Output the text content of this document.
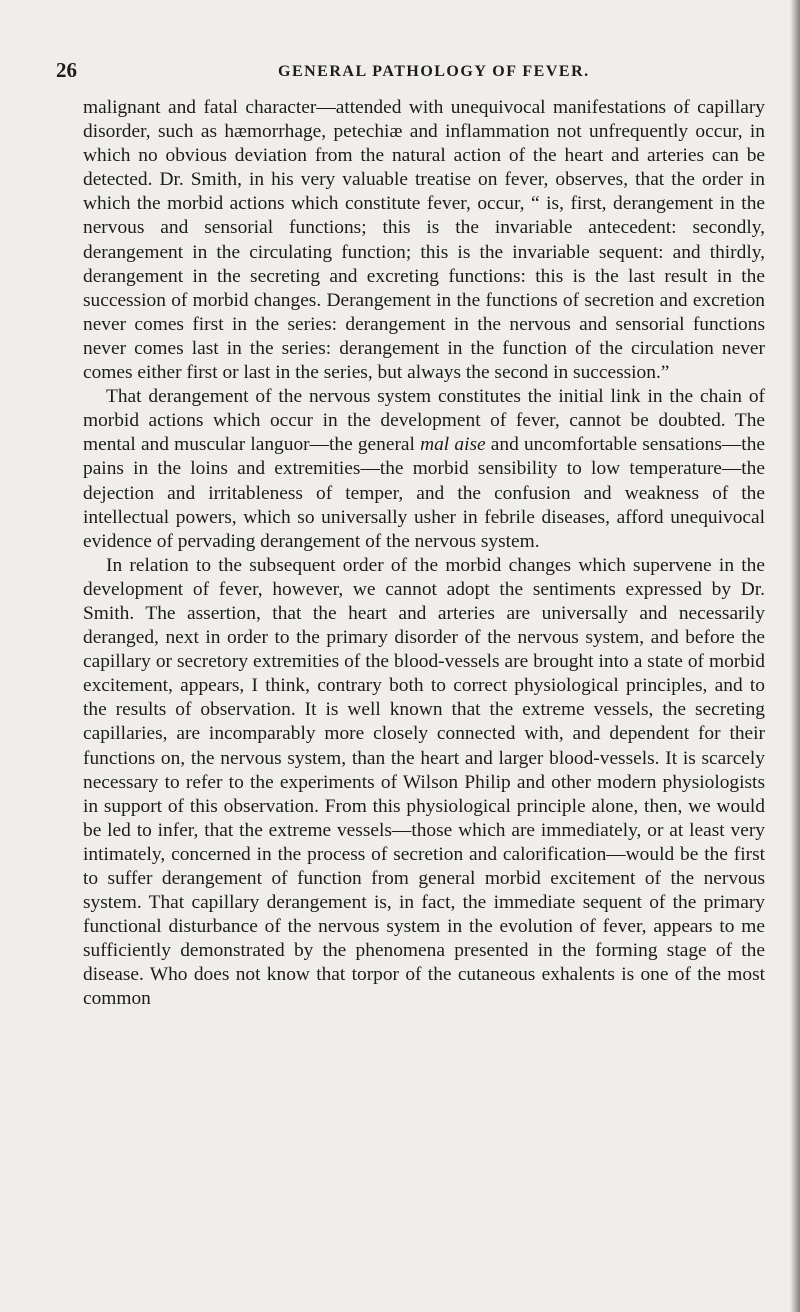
26	GENERAL PATHOLOGY OF FEVER.

malignant and fatal character—attended with unequivocal manifestations of capillary disorder, such as hæmorrhage, petechiæ and inflammation not unfrequently occur, in which no obvious deviation from the natural action of the heart and arteries can be detected. Dr. Smith, in his very valuable treatise on fever, observes, that the order in which the morbid actions which constitute fever, occur, “ is, first, derangement in the nervous and sensorial functions; this is the invariable antecedent: secondly, derangement in the circulating function; this is the invariable sequent: and thirdly, derangement in the secreting and excreting functions: this is the last result in the succession of morbid changes. Derangement in the functions of secretion and excretion never comes first in the series: derangement in the nervous and sensorial functions never comes last in the series: derangement in the function of the circulation never comes either first or last in the series, but always the second in succession.”

That derangement of the nervous system constitutes the initial link in the chain of morbid actions which occur in the development of fever, cannot be doubted. The mental and muscular languor—the general mal aise and uncomfortable sensations—the pains in the loins and extremities—the morbid sensibility to low temperature—the dejection and irritableness of temper, and the confusion and weakness of the intellectual powers, which so universally usher in febrile diseases, afford unequivocal evidence of pervading derangement of the nervous system.

In relation to the subsequent order of the morbid changes which supervene in the development of fever, however, we cannot adopt the sentiments expressed by Dr. Smith. The assertion, that the heart and arteries are universally and necessarily deranged, next in order to the primary disorder of the nervous system, and before the capillary or secretory extremities of the blood-vessels are brought into a state of morbid excitement, appears, I think, contrary both to correct physiological principles, and to the results of observation. It is well known that the extreme vessels, the secreting capillaries, are incomparably more closely connected with, and dependent for their functions on, the nervous system, than the heart and larger blood-vessels. It is scarcely necessary to refer to the experiments of Wilson Philip and other modern physiologists in support of this observation. From this physiological principle alone, then, we would be led to infer, that the extreme vessels—those which are immediately, or at least very intimately, concerned in the process of secretion and calorification—would be the first to suffer derangement of function from general morbid excitement of the nervous system. That capillary derangement is, in fact, the immediate sequent of the primary functional disturbance of the nervous system in the evolution of fever, appears to me sufficiently demonstrated by the phenomena presented in the forming stage of the disease. Who does not know that torpor of the cutaneous exhalents is one of the most common
